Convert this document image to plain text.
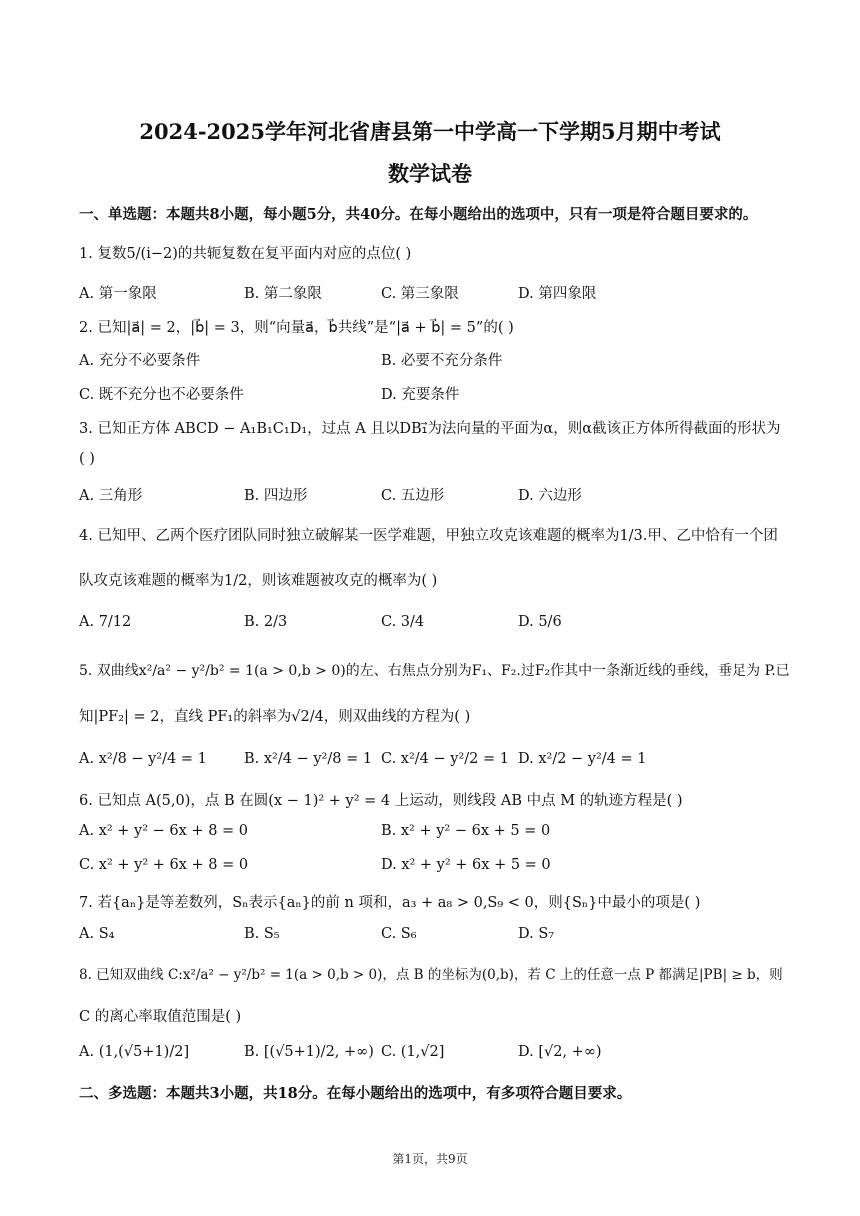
2024-2025学年河北省唐县第一中学高一下学期5月期中考试
数学试卷
一、单选题：本题共8小题，每小题5分，共40分。在每小题给出的选项中，只有一项是符合题目要求的。
1. 复数5/(i−2)的共轭复数在复平面内对应的点位( )
A. 第一象限	B. 第二象限	C. 第三象限	D. 第四象限
2. 已知|a⃗| = 2，|b⃗| = 3，则“向量a⃗，b⃗共线”是“|a⃗ + b⃗| = 5”的( )
A. 充分不必要条件	B. 必要不充分条件
C. 既不充分也不必要条件	D. 充要条件
3. 已知正方体 ABCD − A₁B₁C₁D₁，过点 A 且以DB₁⃗为法向量的平面为α，则α截该正方体所得截面的形状为
( )
A. 三角形	B. 四边形	C. 五边形	D. 六边形
4. 已知甲、乙两个医疗团队同时独立破解某一医学难题，甲独立攻克该难题的概率为1/3.甲、乙中恰有一个团
队攻克该难题的概率为1/2，则该难题被攻克的概率为( )
A. 7/12	B. 2/3	C. 3/4	D. 5/6
5. 双曲线x²/a² − y²/b² = 1(a > 0,b > 0)的左、右焦点分别为F₁、F₂.过F₂作其中一条渐近线的垂线，垂足为 P.已
知|PF₂| = 2，直线 PF₁的斜率为√2/4，则双曲线的方程为( )
A. x²/8 − y²/4 = 1	B. x²/4 − y²/8 = 1 C. x²/4 − y²/2 = 1 D. x²/2 − y²/4 = 1
6. 已知点 A(5,0)，点 B 在圆(x − 1)² + y² = 4 上运动，则线段 AB 中点 M 的轨迹方程是( )
A. x² + y² − 6x + 8 = 0	B. x² + y² − 6x + 5 = 0
C. x² + y² + 6x + 8 = 0	D. x² + y² + 6x + 5 = 0
7. 若{aₙ}是等差数列，Sₙ表示{aₙ}的前 n 项和，a₃ + a₈ > 0,S₉ < 0，则{Sₙ}中最小的项是( )
A. S₄	B. S₅	C. S₆	D. S₇
8. 已知双曲线 C:x²/a² − y²/b² = 1(a > 0,b > 0)，点 B 的坐标为(0,b)，若 C 上的任意一点 P 都满足|PB| ≥ b，则
C 的离心率取值范围是( )
A. (1,(√5+1)/2]	B. [(√5+1)/2, +∞) C. (1,√2]	D. [√2, +∞)
二、多选题：本题共3小题，共18分。在每小题给出的选项中，有多项符合题目要求。
第1页，共9页
